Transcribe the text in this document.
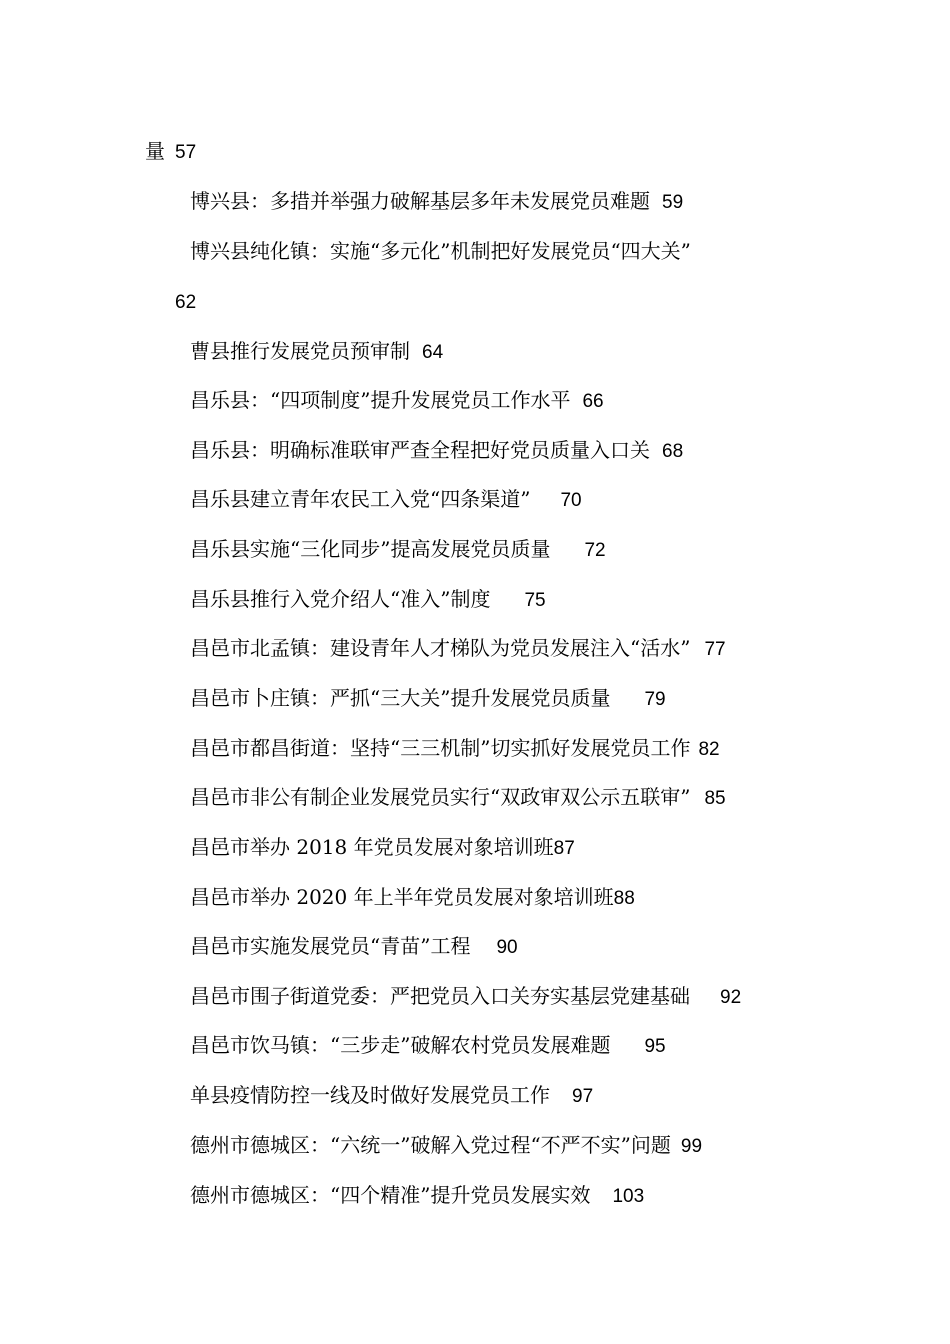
量 57
博兴县：多措并举强力破解基层多年未发展党员难题 59
博兴县纯化镇：实施“多元化”机制把好发展党员“四大关”
62
曹县推行发展党员预审制 64
昌乐县：“四项制度”提升发展党员工作水平 66
昌乐县：明确标准联审严查全程把好党员质量入口关 68
昌乐县建立青年农民工入党“四条渠道” 70
昌乐县实施“三化同步”提高发展党员质量 72
昌乐县推行入党介绍人“准入”制度 75
昌邑市北孟镇：建设青年人才梯队为党员发展注入“活水” 77
昌邑市卜庄镇：严抓“三大关”提升发展党员质量 79
昌邑市都昌街道：坚持“三三机制”切实抓好发展党员工作 82
昌邑市非公有制企业发展党员实行“双政审双公示五联审” 85
昌邑市举办 2018 年党员发展对象培训班87
昌邑市举办 2020 年上半年党员发展对象培训班88
昌邑市实施发展党员“青苗”工程 90
昌邑市围子街道党委：严把党员入口关夯实基层党建基础 92
昌邑市饮马镇：“三步走”破解农村党员发展难题 95
单县疫情防控一线及时做好发展党员工作 97
德州市德城区：“六统一”破解入党过程“不严不实”问题 99
德州市德城区：“四个精准”提升党员发展实效 103
